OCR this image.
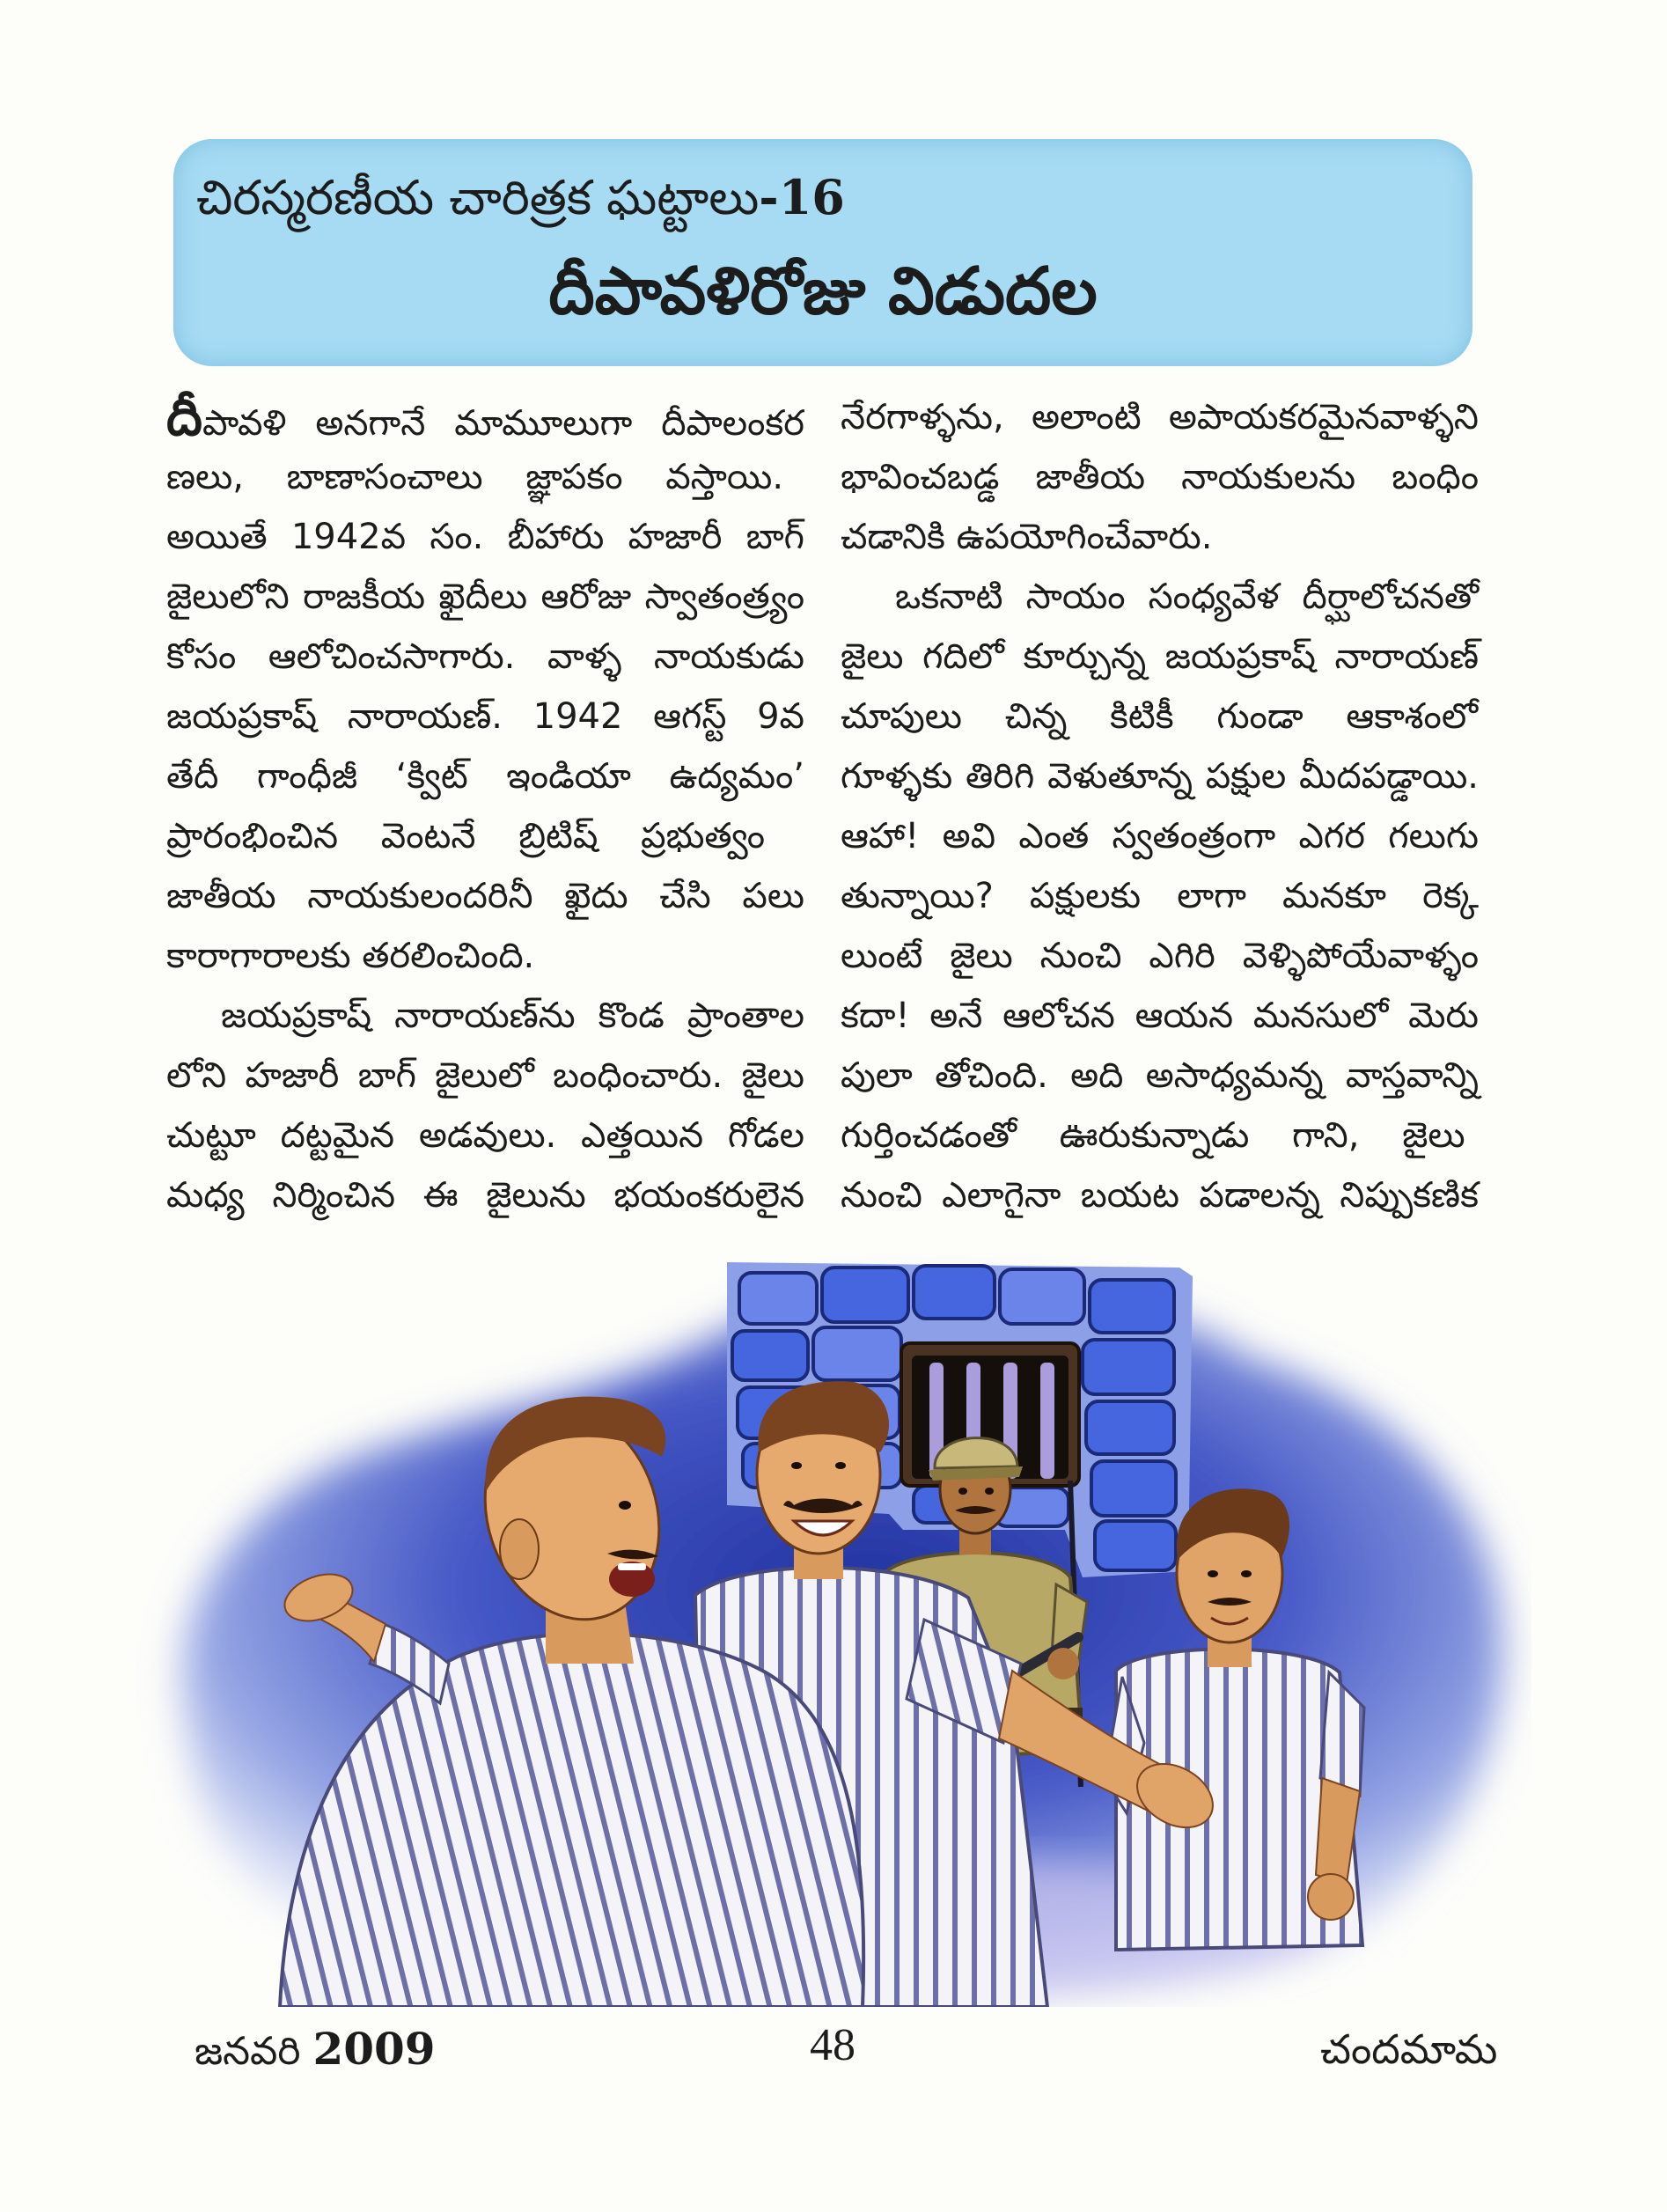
చిరస్మరణీయ చారిత్రక ఘట్టాలు-16
దీపావళిరోజు విడుదల
దీపావళి అనగానే మామూలుగా దీపాలంకర
ణలు, బాణాసంచాలు జ్ఞాపకం వస్తాయి.
అయితే 1942వ సం. బీహారు హజారీ బాగ్
జైలులోని రాజకీయ ఖైదీలు ఆరోజు స్వాతంత్ర్యం
కోసం ఆలోచించసాగారు. వాళ్ళ నాయకుడు
జయప్రకాష్ నారాయణ్. 1942 ఆగస్ట్ 9వ
తేదీ గాంధీజీ ‘క్విట్ ఇండియా ఉద్యమం’
ప్రారంభించిన వెంటనే బ్రిటిష్ ప్రభుత్వం
జాతీయ నాయకులందరినీ ఖైదు చేసి పలు
కారాగారాలకు తరలించింది.
జయప్రకాష్ నారాయణ్‌ను కొండ ప్రాంతాల
లోని హజారీ బాగ్ జైలులో బంధించారు. జైలు
చుట్టూ దట్టమైన అడవులు. ఎత్తయిన గోడల
మధ్య నిర్మించిన ఈ జైలును భయంకరులైన
నేరగాళ్ళను, అలాంటి అపాయకరమైనవాళ్ళని
భావించబడ్డ జాతీయ నాయకులను బంధిం
చడానికి ఉపయోగించేవారు.
ఒకనాటి సాయం సంధ్యవేళ దీర్ఘాలోచనతో
జైలు గదిలో కూర్చున్న జయప్రకాష్ నారాయణ్
చూపులు చిన్న కిటికీ గుండా ఆకాశంలో
గూళ్ళకు తిరిగి వెళుతూన్న పక్షుల మీదపడ్డాయి.
ఆహా! అవి ఎంత స్వతంత్రంగా ఎగర గలుగు
తున్నాయి? పక్షులకు లాగా మనకూ రెక్క
లుంటే జైలు నుంచి ఎగిరి వెళ్ళిపోయేవాళ్ళం
కదా! అనే ఆలోచన ఆయన మనసులో మెరు
పులా తోచింది. అది అసాధ్యమన్న వాస్తవాన్ని
గుర్తించడంతో ఊరుకున్నాడు గాని, జైలు
నుంచి ఎలాగైనా బయట పడాలన్న నిప్పుకణిక
జనవరి 2009	48	చందమామ
